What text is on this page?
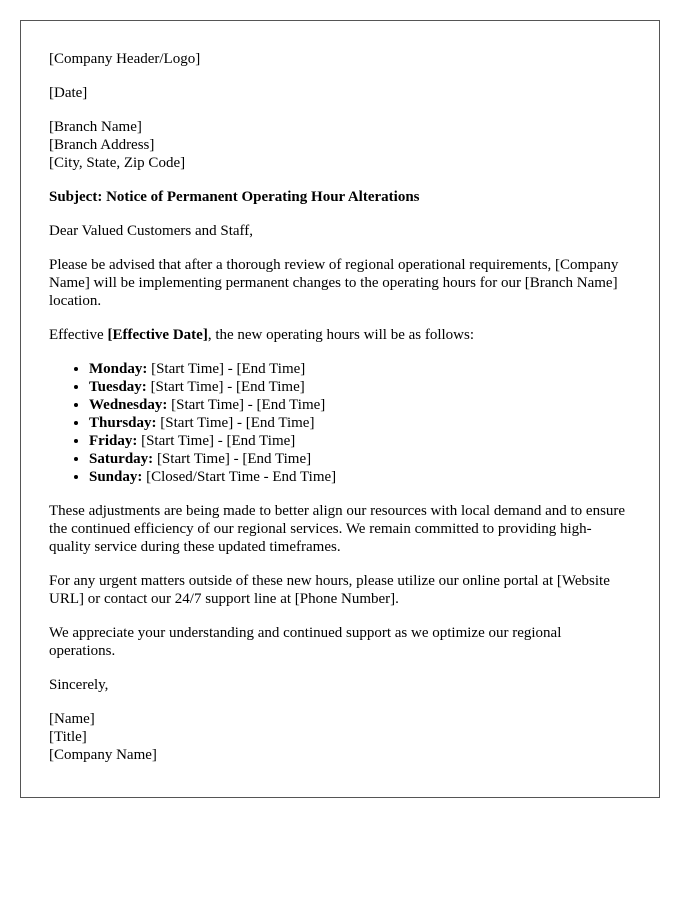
[Company Header/Logo]

[Date]

[Branch Name]
[Branch Address]
[City, State, Zip Code]

Subject: Notice of Permanent Operating Hour Alterations

Dear Valued Customers and Staff,

Please be advised that after a thorough review of regional operational requirements, [Company Name] will be implementing permanent changes to the operating hours for our [Branch Name] location.

Effective [Effective Date], the new operating hours will be as follows:

• Monday: [Start Time] - [End Time]
• Tuesday: [Start Time] - [End Time]
• Wednesday: [Start Time] - [End Time]
• Thursday: [Start Time] - [End Time]
• Friday: [Start Time] - [End Time]
• Saturday: [Start Time] - [End Time]
• Sunday: [Closed/Start Time - End Time]

These adjustments are being made to better align our resources with local demand and to ensure the continued efficiency of our regional services. We remain committed to providing high-quality service during these updated timeframes.

For any urgent matters outside of these new hours, please utilize our online portal at [Website URL] or contact our 24/7 support line at [Phone Number].

We appreciate your understanding and continued support as we optimize our regional operations.

Sincerely,

[Name]
[Title]
[Company Name]
